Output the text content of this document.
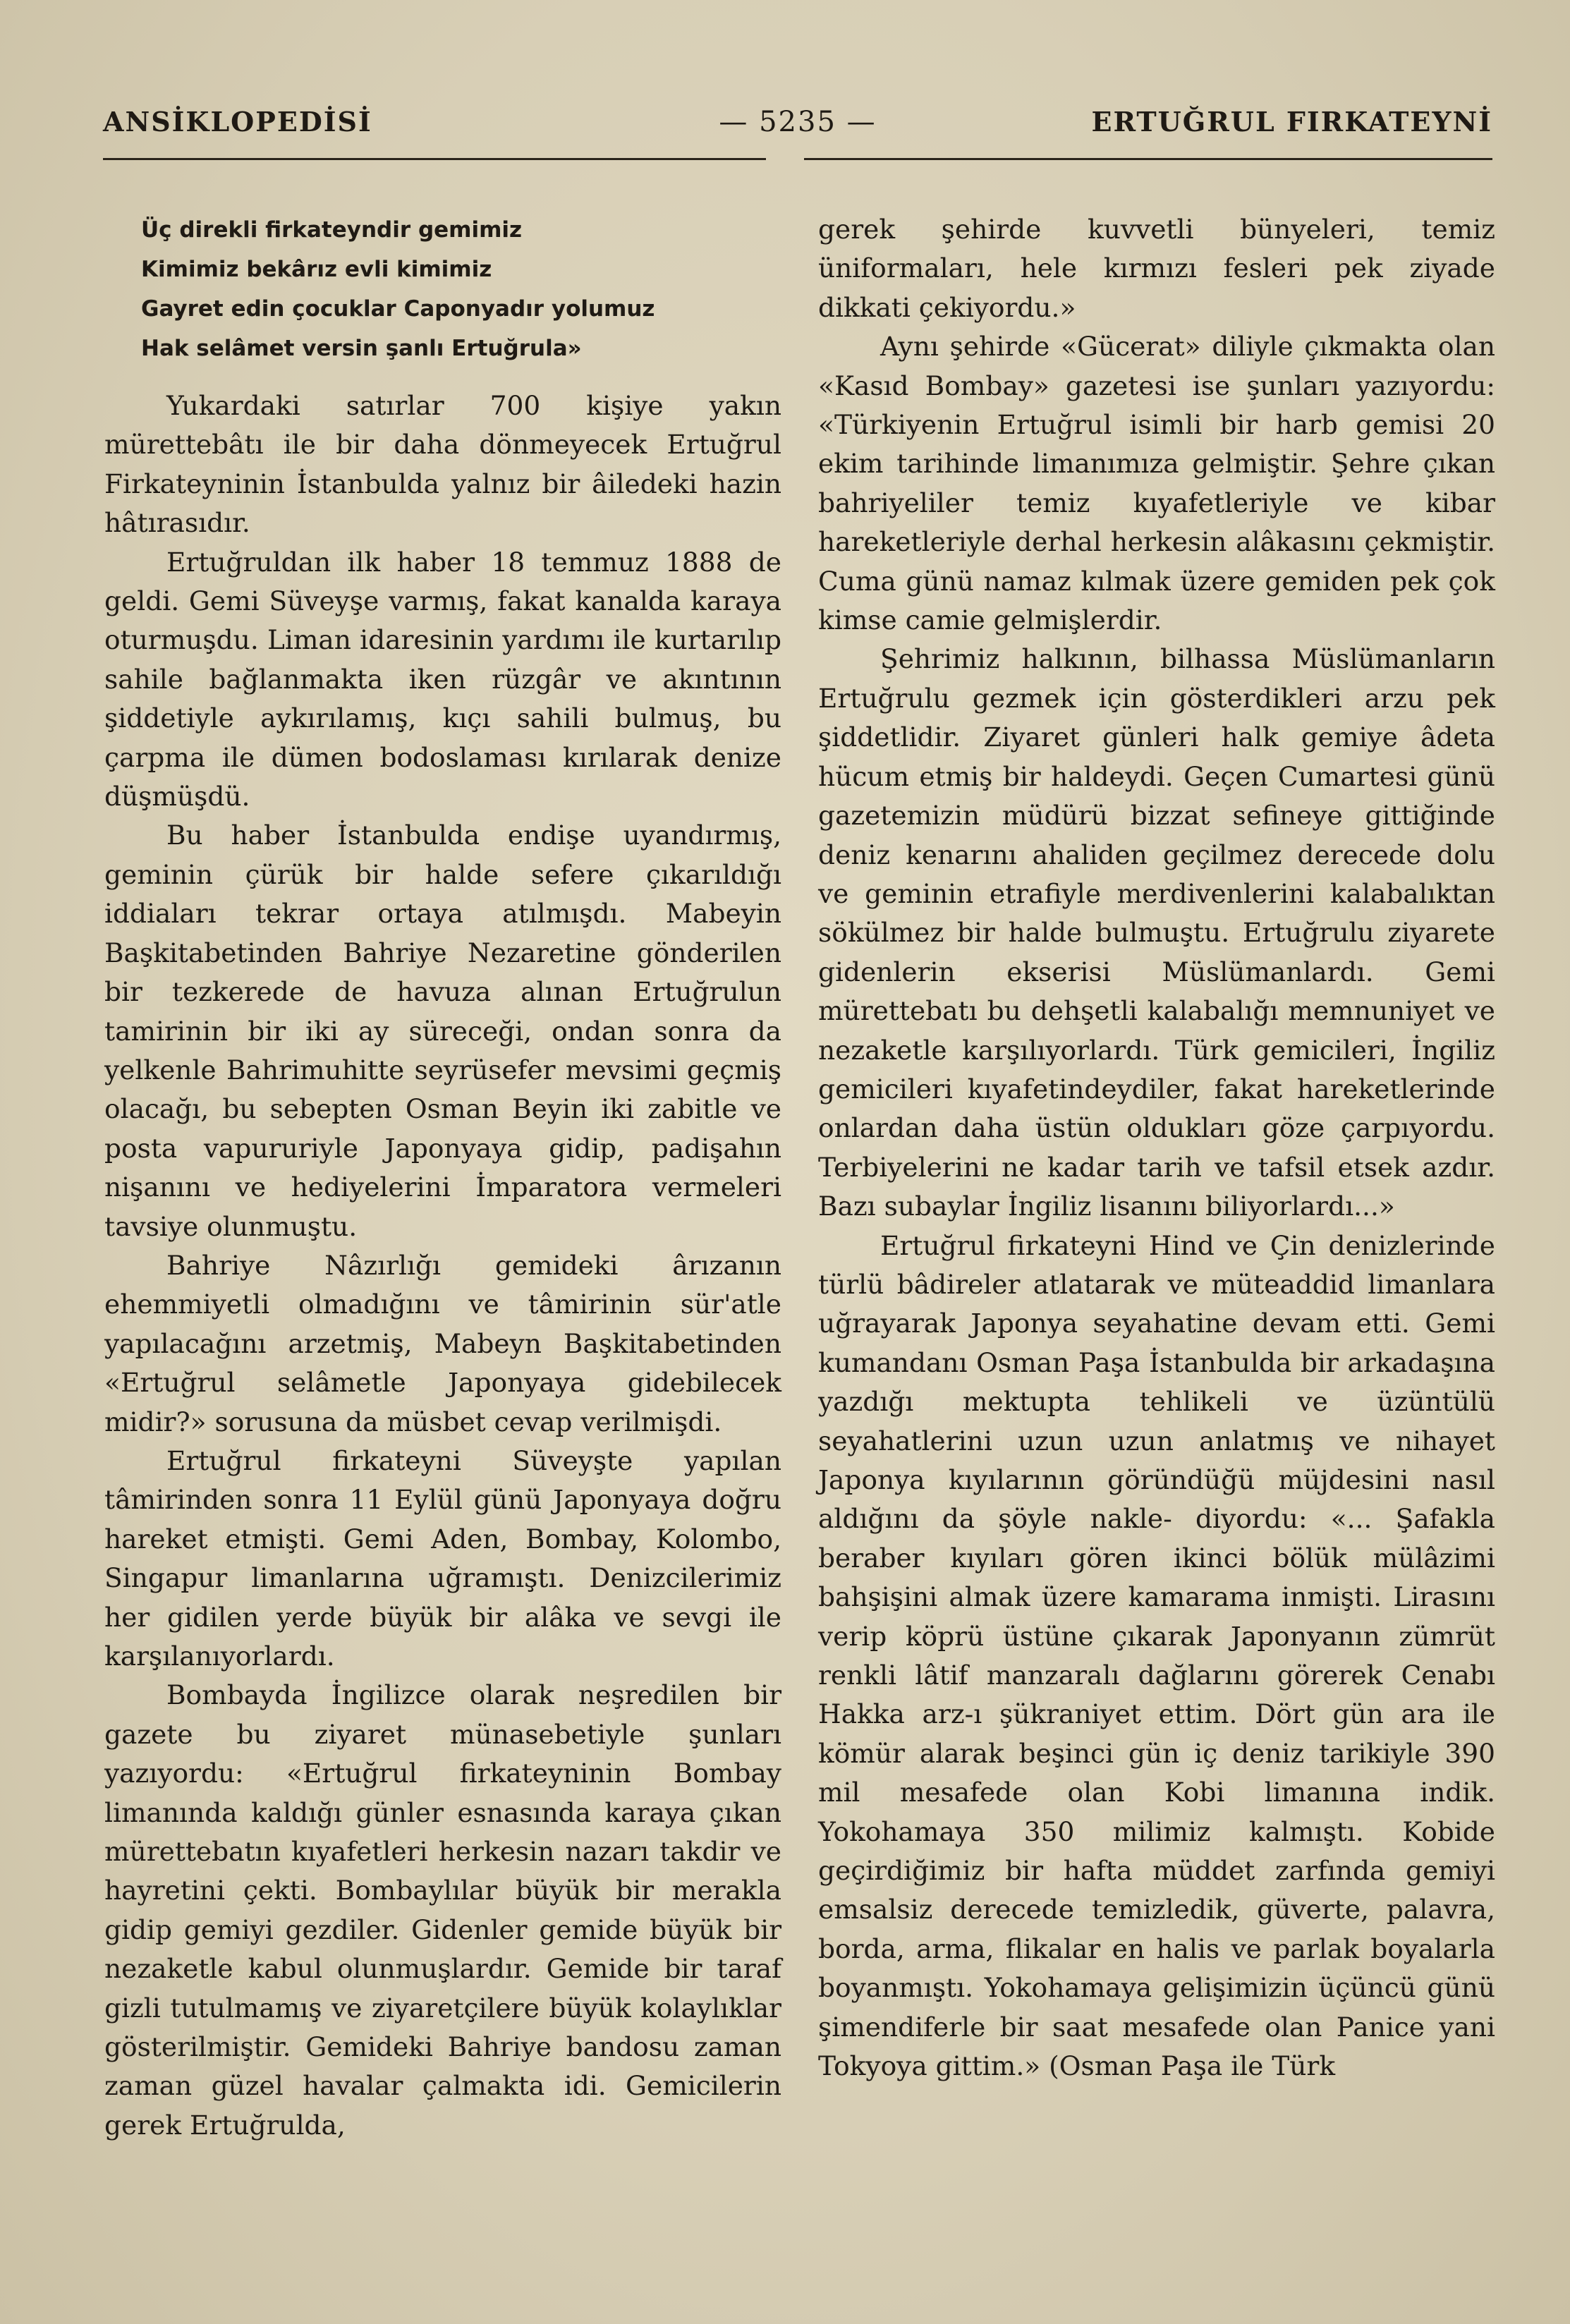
ANSİKLOPEDİSİ	— 5235 —	ERTUĞRUL FIRKATEYNİ
Üç direkli firkateyndir gemimiz
Kimimiz bekârız evli kimimiz
Gayret edin çocuklar Caponyadır yolumuz
Hak selâmet versin şanlı Ertuğrula»

Yukardaki satırlar 700 kişiye yakın mürettebâtı ile bir daha dönmeyecek Ertuğrul Firkateyninin İstanbulda yalnız bir âiledeki hazin hâtırasıdır.

Ertuğruldan ilk haber 18 temmuz 1888 de geldi. Gemi Süveyşe varmış, fakat kanalda karaya oturmuşdu. Liman idaresinin yardımı ile kurtarılıp sahile bağlanmakta iken rüzgâr ve akıntının şiddetiyle aykırılamış, kıçı sahili bulmuş, bu çarpma ile dümen bodoslaması kırılarak denize düşmüşdü.

Bu haber İstanbulda endişe uyandırmış, geminin çürük bir halde sefere çıkarıldığı iddiaları tekrar ortaya atılmışdı. Mabeyin Başkitabetinden Bahriye Nezaretine gönderilen bir tezkerede de havuza alınan Ertuğrulun tamirinin bir iki ay süreceği, ondan sonra da yelkenle Bahrimuhitte seyrüsefer mevsimi geçmiş olacağı, bu sebepten Osman Beyin iki zabitle ve posta vapururiyle Japonyaya gidip, padişahın nişanını ve hediyelerini İmparatora vermeleri tavsiye olunmuştu.

Bahriye Nâzırlığı gemideki ârızanın ehemmiyetli olmadığını ve tâmirinin sür'atle yapılacağını arzetmiş, Mabeyn Başkitabetinden «Ertuğrul selâmetle Japonyaya gidebilecek midir?» sorusuna da müsbet cevap verilmişdi.

Ertuğrul firkateyni Süveyşte yapılan tâmirinden sonra 11 Eylül günü Japonyaya doğru hareket etmişti. Gemi Aden, Bombay, Kolombo, Singapur limanlarına uğramıştı. Denizcilerimiz her gidilen yerde büyük bir alâka ve sevgi ile karşılanıyorlardı.

Bombayda İngilizce olarak neşredilen bir gazete bu ziyaret münasebetiyle şunları yazıyordu: «Ertuğrul firkateyninin Bombay limanında kaldığı günler esnasında karaya çıkan mürettebatın kıyafetleri herkesin nazarı takdir ve hayretini çekti. Bombaylılar büyük bir merakla gidip gemiyi gezdiler. Gidenler gemide büyük bir nezaketle kabul olunmuşlardır. Gemide bir taraf gizli tutulmamış ve ziyaretçilere büyük kolaylıklar gösterilmiştir. Gemideki Bahriye bandosu zaman zaman güzel havalar çalmakta idi. Gemicilerin gerek Ertuğrulda,

gerek şehirde kuvvetli bünyeleri, temiz üniformaları, hele kırmızı fesleri pek ziyade dikkati çekiyordu.»

Aynı şehirde «Gücerat» diliyle çıkmakta olan «Kasıd Bombay» gazetesi ise şunları yazıyordu: «Türkiyenin Ertuğrul isimli bir harb gemisi 20 ekim tarihinde limanımıza gelmiştir. Şehre çıkan bahriyeliler temiz kıyafetleriyle ve kibar hareketleriyle derhal herkesin alâkasını çekmiştir. Cuma günü namaz kılmak üzere gemiden pek çok kimse camie gelmişlerdir.

Şehrimiz halkının, bilhassa Müslümanların Ertuğrulu gezmek için gösterdikleri arzu pek şiddetlidir. Ziyaret günleri halk gemiye âdeta hücum etmiş bir haldeydi. Geçen Cumartesi günü gazetemizin müdürü bizzat sefineye gittiğinde deniz kenarını ahaliden geçilmez derecede dolu ve geminin etrafiyle merdivenlerini kalabalıktan sökülmez bir halde bulmuştu. Ertuğrulu ziyarete gidenlerin ekserisi Müslümanlardı. Gemi mürettebatı bu dehşetli kalabalığı memnuniyet ve nezaketle karşılıyorlardı. Türk gemicileri, İngiliz gemicileri kıyafetindeydiler, fakat hareketlerinde onlardan daha üstün oldukları göze çarpıyordu. Terbiyelerini ne kadar tarih ve tafsil etsek azdır. Bazı subaylar İngiliz lisanını biliyorlardı...»

Ertuğrul firkateyni Hind ve Çin denizlerinde türlü bâdireler atlatarak ve müteaddid limanlara uğrayarak Japonya seyahatine devam etti. Gemi kumandanı Osman Paşa İstanbulda bir arkadaşına yazdığı mektupta tehlikeli ve üzüntülü seyahatlerini uzun uzun anlatmış ve nihayet Japonya kıyılarının göründüğü müjdesini nasıl aldığını da şöyle nakle- diyordu: «... Şafakla beraber kıyıları gören ikinci bölük mülâzimi bahşişini almak üzere kamarama inmişti. Lirasını verip köprü üstüne çıkarak Japonyanın zümrüt renkli lâtif manzaralı dağlarını görerek Cenabı Hakka arz-ı şükraniyet ettim. Dört gün ara ile kömür alarak beşinci gün iç deniz tarikiyle 390 mil mesafede olan Kobi limanına indik. Yokohamaya 350 milimiz kalmıştı. Kobide geçirdiğimiz bir hafta müddet zarfında gemiyi emsalsiz derecede temizledik, güverte, palavra, borda, arma, flikalar en halis ve parlak boyalarla boyanmıştı. Yokohamaya gelişimizin üçüncü günü şimendiferle bir saat mesafede olan Panice yani Tokyoya gittim.» (Osman Paşa ile Türk
